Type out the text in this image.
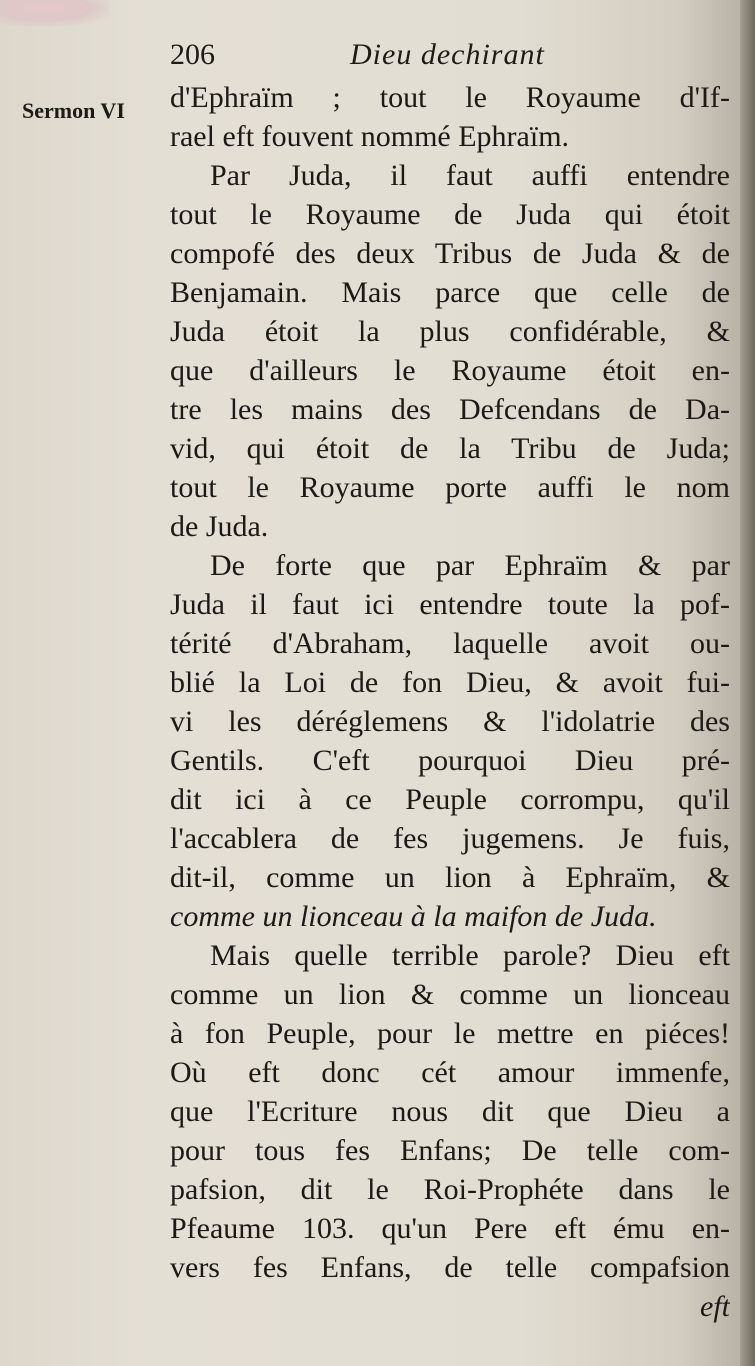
206	Dieu dechirant
Sermon VI d'Ephraïm ; tout le Royaume d'If-
rael eft fouvent nommé Ephraïm.
Par Juda, il faut auffi entendre
tout le Royaume de Juda qui étoit
compofé des deux Tribus de Juda & de
Benjamain. Mais parce que celle de
Juda étoit la plus confidérable, &
que d'ailleurs le Royaume étoit en-
tre les mains des Defcendans de Da-
vid, qui étoit de la Tribu de Juda;
tout le Royaume porte auffi le nom
de Juda.
De forte que par Ephraïm & par
Juda il faut ici entendre toute la pof-
térité d'Abraham, laquelle avoit ou-
blié la Loi de fon Dieu, & avoit fui-
vi les déréglemens & l'idolatrie des
Gentils. C'eft pourquoi Dieu pré-
dit ici à ce Peuple corrompu, qu'il
l'accablera de fes jugemens. Je fuis,
dit-il, comme un lion à Ephraïm, &
comme un lionceau à la maifon de Juda.
Mais quelle terrible parole? Dieu eft
comme un lion & comme un lionceau
à fon Peuple, pour le mettre en piéces!
Où eft donc cét amour immenfe,
que l'Ecriture nous dit que Dieu a
pour tous fes Enfans; De telle com-
pafsion, dit le Roi-Prophéte dans le
Pfeaume 103. qu'un Pere eft ému en-
vers fes Enfans, de telle compafsion
eft
